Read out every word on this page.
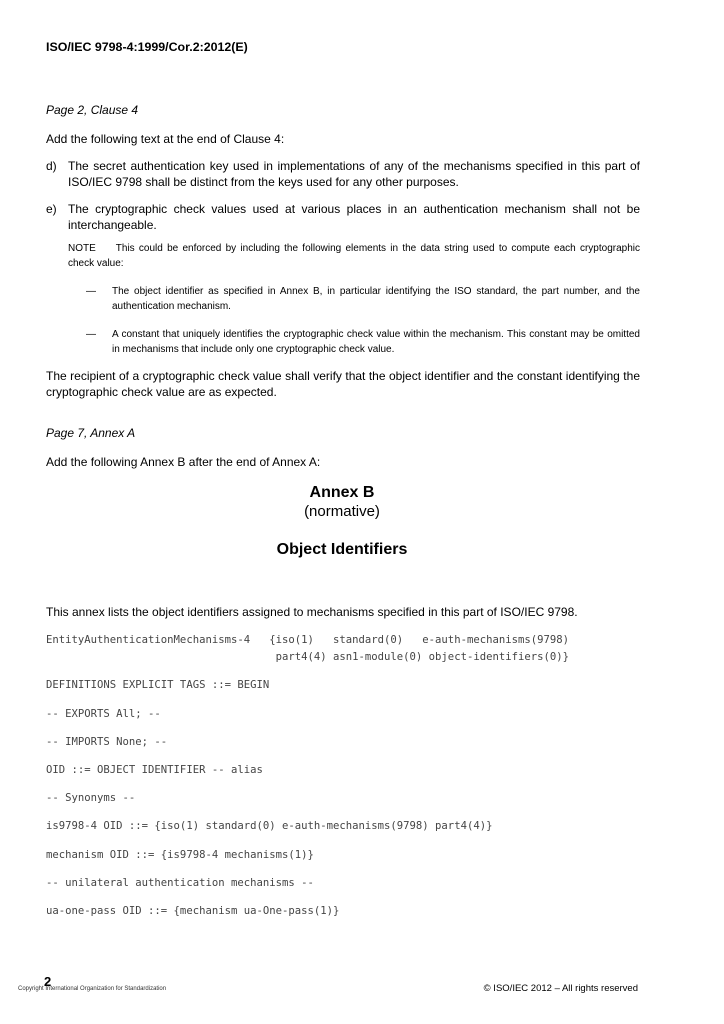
ISO/IEC 9798-4:1999/Cor.2:2012(E)
Page 2, Clause 4
Add the following text at the end of Clause 4:
d) The secret authentication key used in implementations of any of the mechanisms specified in this part of ISO/IEC 9798 shall be distinct from the keys used for any other purposes.
e) The cryptographic check values used at various places in an authentication mechanism shall not be interchangeable.
NOTE This could be enforced by including the following elements in the data string used to compute each cryptographic check value:
— The object identifier as specified in Annex B, in particular identifying the ISO standard, the part number, and the authentication mechanism.
— A constant that uniquely identifies the cryptographic check value within the mechanism. This constant may be omitted in mechanisms that include only one cryptographic check value.
The recipient of a cryptographic check value shall verify that the object identifier and the constant identifying the cryptographic check value are as expected.
Page 7, Annex A
Add the following Annex B after the end of Annex A:
Annex B
(normative)
Object Identifiers
This annex lists the object identifiers assigned to mechanisms specified in this part of ISO/IEC 9798.
EntityAuthenticationMechanisms-4   {iso(1)   standard(0)   e-auth-mechanisms(9798)
part4(4) asn1-module(0) object-identifiers(0)}
DEFINITIONS EXPLICIT TAGS ::= BEGIN
-- EXPORTS All; --
-- IMPORTS None; --
OID ::= OBJECT IDENTIFIER -- alias
-- Synonyms --
is9798-4 OID ::= {iso(1) standard(0) e-auth-mechanisms(9798) part4(4)}
mechanism OID ::= {is9798-4 mechanisms(1)}
-- unilateral authentication mechanisms --
ua-one-pass OID ::= {mechanism ua-One-pass(1)}
2
Copyright International Organization for Standardization	© ISO/IEC 2012 – All rights reserved
